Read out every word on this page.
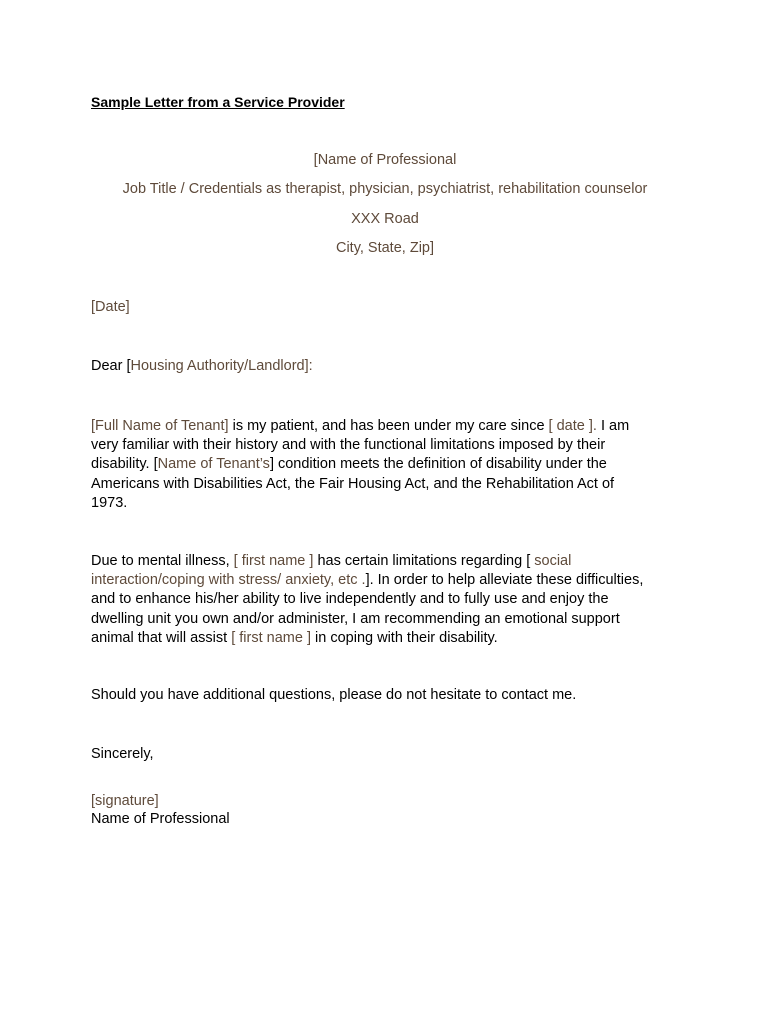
Sample Letter from a Service Provider
[Name of Professional
Job Title / Credentials as therapist, physician, psychiatrist, rehabilitation counselor
XXX Road
City, State, Zip]
[Date]
Dear [Housing Authority/Landlord]:
[Full Name of Tenant] is my patient, and has been under my care since [ date ]. I am
very familiar with their history and with the functional limitations imposed by their
disability. [Name of Tenant’s] condition meets the definition of disability under the
Americans with Disabilities Act, the Fair Housing Act, and the Rehabilitation Act of
1973.
Due to mental illness, [ first name ] has certain limitations regarding [ social
interaction/coping with stress/ anxiety, etc .]. In order to help alleviate these difficulties,
and to enhance his/her ability to live independently and to fully use and enjoy the
dwelling unit you own and/or administer, I am recommending an emotional support
animal that will assist [ first name ] in coping with their disability.
Should you have additional questions, please do not hesitate to contact me.
Sincerely,
[signature]
Name of Professional
